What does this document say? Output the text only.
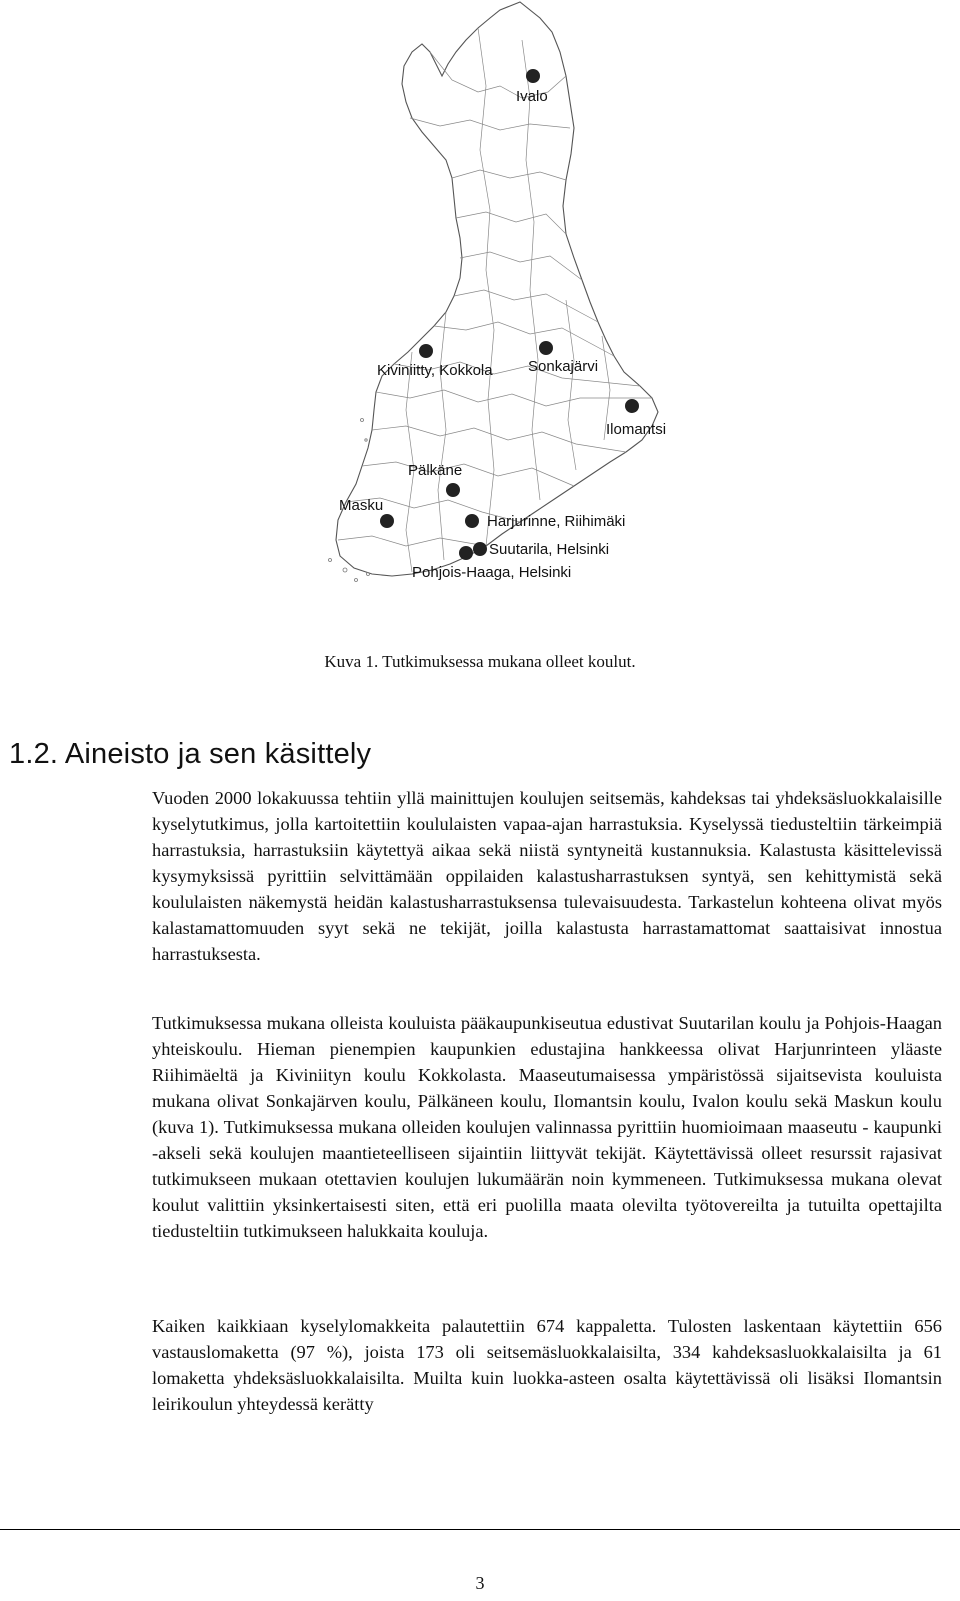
Ivalo
Kiviniitty, Kokkola Sonkajärvi
Ilomantsi
Pälkäne
Masku
Harjurinne, Riihimäki
Suutarila, Helsinki
Pohjois-Haaga, Helsinki
Kuva 1. Tutkimuksessa mukana olleet koulut.
1.2. Aineisto ja sen käsittely

Vuoden 2000 lokakuussa tehtiin yllä mainittujen koulujen seitsemäs, kahdeksas tai yhdeksäsluokkalaisille kyselytutkimus, jolla kartoitettiin koululaisten vapaa-ajan harrastuksia. Kyselyssä tiedusteltiin tärkeimpiä harrastuksia, harrastuksiin käytettyä aikaa sekä niistä syntyneitä kustannuksia. Kalastusta käsittelevissä kysymyksissä pyrittiin selvittämään oppilaiden kalastusharrastuksen syntyä, sen kehittymistä sekä koululaisten näkemystä heidän kalastusharrastuksensa tulevaisuudesta. Tarkastelun kohteena olivat myös kalastamattomuuden syyt sekä ne tekijät, joilla kalastusta harrastamattomat saattaisivat innostua harrastuksesta.

Tutkimuksessa mukana olleista kouluista pääkaupunkiseutua edustivat Suutarilan koulu ja Pohjois-Haagan yhteiskoulu. Hieman pienempien kaupunkien edustajina hankkeessa olivat Harjunrinteen yläaste Riihimäeltä ja Kiviniityn koulu Kokkolasta. Maaseutumaisessa ympäristössä sijaitsevista kouluista mukana olivat Sonkajärven koulu, Pälkäneen koulu, Ilomantsin koulu, Ivalon koulu sekä Maskun koulu (kuva 1). Tutkimuksessa mukana olleiden koulujen valinnassa pyrittiin huomioimaan maaseutu - kaupunki -akseli sekä koulujen maantieteelliseen sijaintiin liittyvät tekijät. Käytettävissä olleet resurssit rajasivat tutkimukseen mukaan otettavien koulujen lukumäärän noin kymmeneen. Tutkimuksessa mukana olevat koulut valittiin yksinkertaisesti siten, että eri puolilla maata olevilta työtovereilta ja tutuilta opettajilta tiedusteltiin tutkimukseen halukkaita kouluja.

Kaiken kaikkiaan kyselylomakkeita palautettiin 674 kappaletta. Tulosten laskentaan käytettiin 656 vastauslomaketta (97 %), joista 173 oli seitsemäsluokkalaisilta, 334 kahdeksasluokkalaisilta ja 61 lomaketta yhdeksäsluokkalaisilta. Muilta kuin luokka-asteen osalta käytettävissä oli lisäksi Ilomantsin leirikoulun yhteydessä kerätty

3
